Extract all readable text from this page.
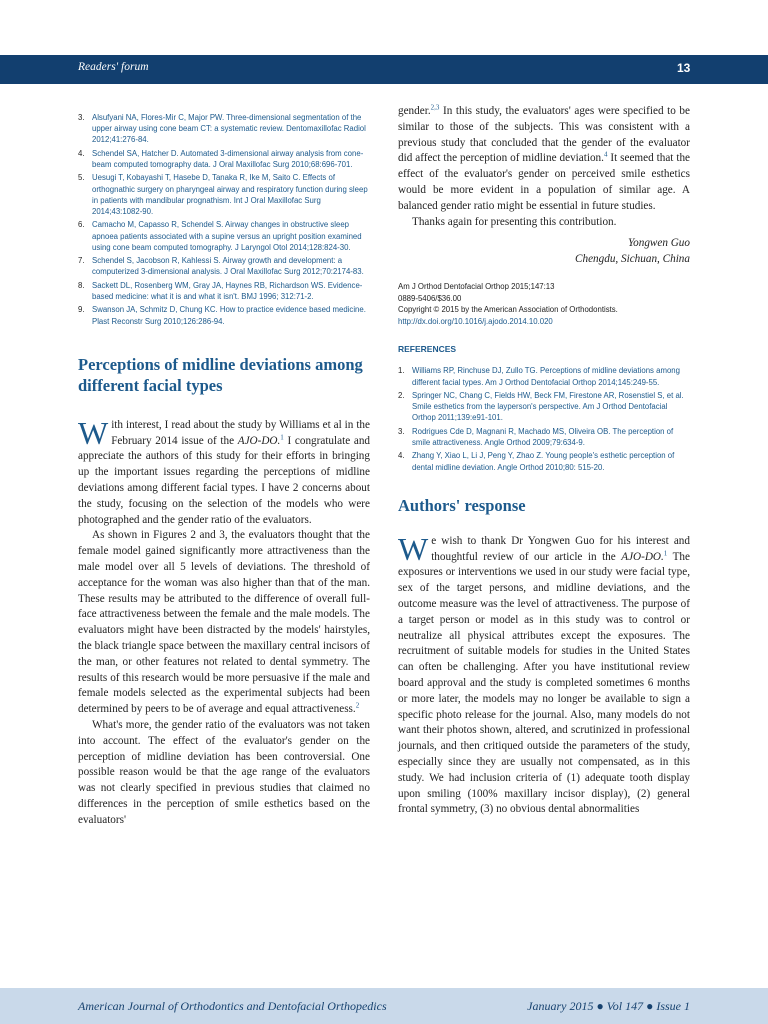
Readers' forum	13
3. Alsufyani NA, Flores-Mir C, Major PW. Three-dimensional segmentation of the upper airway using cone beam CT: a systematic review. Dentomaxillofac Radiol 2012;41:276-84.
4. Schendel SA, Hatcher D. Automated 3-dimensional airway analysis from cone-beam computed tomography data. J Oral Maxillofac Surg 2010;68:696-701.
5. Uesugi T, Kobayashi T, Hasebe D, Tanaka R, Ike M, Saito C. Effects of orthognathic surgery on pharyngeal airway and respiratory function during sleep in patients with mandibular prognathism. Int J Oral Maxillofac Surg 2014;43:1082-90.
6. Camacho M, Capasso R, Schendel S. Airway changes in obstructive sleep apnoea patients associated with a supine versus an upright position examined using cone beam computed tomography. J Laryngol Otol 2014;128:824-30.
7. Schendel S, Jacobson R, Kahlessi S. Airway growth and development: a computerized 3-dimensional analysis. J Oral Maxillofac Surg 2012;70:2174-83.
8. Sackett DL, Rosenberg WM, Gray JA, Haynes RB, Richardson WS. Evidence-based medicine: what it is and what it isn't. BMJ 1996; 312:71-2.
9. Swanson JA, Schmitz D, Chung KC. How to practice evidence based medicine. Plast Reconstr Surg 2010;126:286-94.
Perceptions of midline deviations among different facial types

With interest, I read about the study by Williams et al in the February 2014 issue of the AJO-DO.$^1$ I congratulate and appreciate the authors of this study for their efforts in bringing up the important issues regarding the perceptions of midline deviations among different facial types. I have 2 concerns about the study, focusing on the selection of the models who were photographed and the gender ratio of the evaluators.

As shown in Figures 2 and 3, the evaluators thought that the female model gained significantly more attractiveness than the male model over all 5 levels of deviations. The threshold of acceptance for the woman was also higher than that of the man. These results may be attributed to the difference of overall full-face attractiveness between the female and the male models. The evaluators might have been distracted by the models' hairstyles, the black triangle space between the maxillary central incisors of the man, or other features not related to dental symmetry. The results of this research would be more persuasive if the male and female models selected as the experimental subjects had been determined by peers to be of average and equal attractiveness.$^2$

What's more, the gender ratio of the evaluators was not taken into account. The effect of the evaluator's gender on the perception of midline deviation has been controversial. One possible reason would be that the age range of the evaluators was not clearly specified in previous studies that claimed no differences in the perception of smile esthetics based on the evaluators'

gender.$^{2,3}$ In this study, the evaluators' ages were specified to be similar to those of the subjects. This was consistent with a previous study that concluded that the gender of the evaluator did affect the perception of midline deviation.$^4$ It seemed that the effect of the evaluator's gender on perceived smile esthetics would be more evident in a population of similar age. A balanced gender ratio might be essential in future studies.

Thanks again for presenting this contribution.

Yongwen Guo
Chengdu, Sichuan, China
Am J Orthod Dentofacial Orthop 2015;147:13
0889-5406/$36.00
Copyright © 2015 by the American Association of Orthodontists.
http://dx.doi.org/10.1016/j.ajodo.2014.10.020
REFERENCES
1. Williams RP, Rinchuse DJ, Zullo TG. Perceptions of midline deviations among different facial types. Am J Orthod Dentofacial Orthop 2014;145:249-55.
2. Springer NC, Chang C, Fields HW, Beck FM, Firestone AR, Rosenstiel S, et al. Smile esthetics from the layperson's perspective. Am J Orthod Dentofacial Orthop 2011;139:e91-101.
3. Rodrigues Cde D, Magnani R, Machado MS, Oliveira OB. The perception of smile attractiveness. Angle Orthod 2009;79:634-9.
4. Zhang Y, Xiao L, Li J, Peng Y, Zhao Z. Young people's esthetic perception of dental midline deviation. Angle Orthod 2010;80: 515-20.
Authors' response

We wish to thank Dr Yongwen Guo for his interest and thoughtful review of our article in the AJO-DO.$^1$ The exposures or interventions we used in our study were facial type, sex of the target persons, and midline deviations, and the outcome measure was the level of attractiveness. The purpose of a target person or model as in this study was to control or neutralize all physical attributes except the exposures. The recruitment of suitable models for studies in the United States can often be challenging. After you have institutional review board approval and the study is completed sometimes 6 months or more later, the models may no longer be available to sign a specific photo release for the journal. Also, many models do not want their photos shown, altered, and scrutinized in professional journals, and then critiqued outside the parameters of the study, especially since they are usually not compensated, as in this study. We had inclusion criteria of (1) adequate tooth display upon smiling (100% maxillary incisor display), (2) general frontal symmetry, (3) no obvious dental abnormalities

American Journal of Orthodontics and Dentofacial Orthopedics	January 2015 ● Vol 147 ● Issue 1
